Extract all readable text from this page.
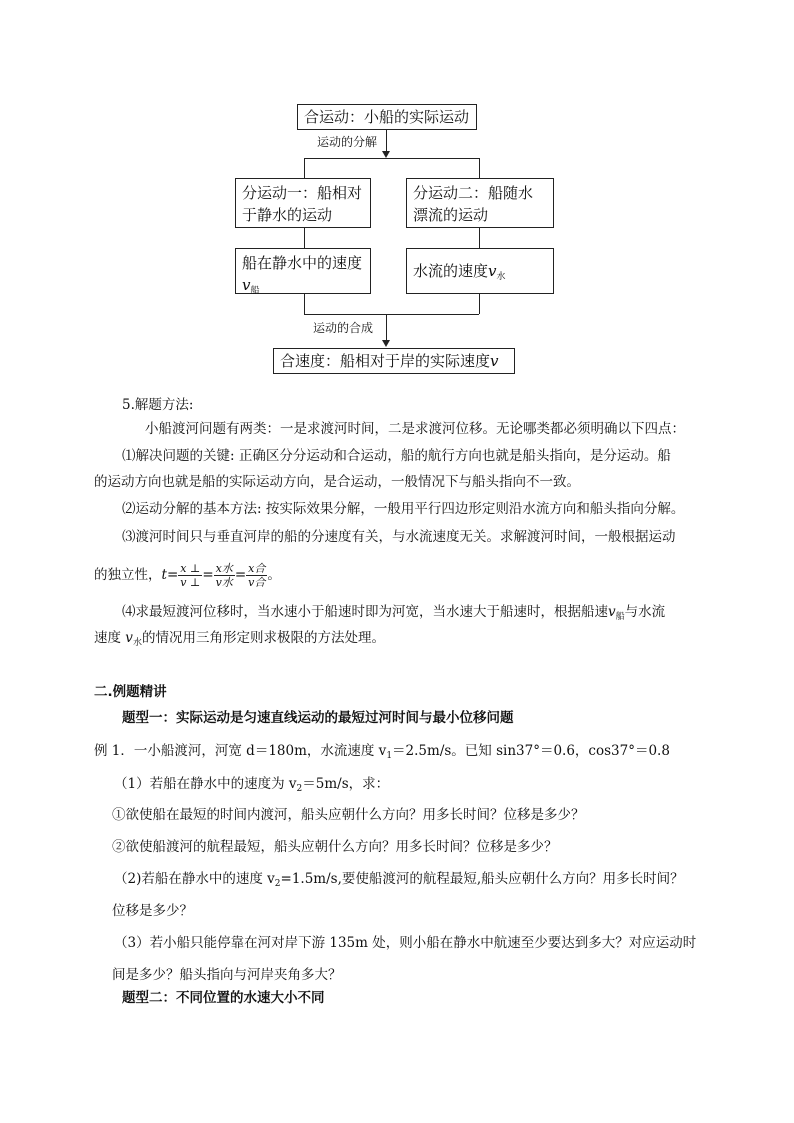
合运动：小船的实际运动
运动的分解
分运动一：船相对于静水的运动
分运动二：船随水漂流的运动
船在静水中的速度$v_船$
水流的速度$v_水$
运动的合成
合速度：船相对于岸的实际速度v
5.解题方法:
小船渡河问题有两类：一是求渡河时间，二是求渡河位移。无论哪类都必须明确以下四点：
⑴解决问题的关键: 正确区分分运动和合运动，船的航行方向也就是船头指向，是分运动。船
的运动方向也就是船的实际运动方向，是合运动，一般情况下与船头指向不一致。
⑵运动分解的基本方法: 按实际效果分解，一般用平行四边形定则沿水流方向和船头指向分解。
⑶渡河时间只与垂直河岸的船的分速度有关，与水流速度无关。求解渡河时间，一般根据运动
的独立性，$t= \frac{x \perp}{v \perp} = \frac{\text{x水}}{\text{v水}} = \frac{\text{x合}}{\text{v合}}$ 。
⑷求最短渡河位移时，当水速小于船速时即为河宽，当水速大于船速时，根据船速$v_船$与水流
速度 $v_水$的情况用三角形定则求极限的方法处理。
二.例题精讲
题型一：实际运动是匀速直线运动的最短过河时间与最小位移问题
例 1．一小船渡河，河宽 d＝180m，水流速度 $v_1=2.5m/s$。已知 sin37°＝0.6，cos37°＝0.8
（1）若船在静水中的速度为 $v_2=5m/s$，求：
①欲使船在最短的时间内渡河，船头应朝什么方向？用多长时间？位移是多少？
②欲使船渡河的航程最短，船头应朝什么方向？用多长时间？位移是多少？
（2)若船在静水中的速度 $v_2=1.5m/s$,要使船渡河的航程最短,船头应朝什么方向？用多长时间？
位移是多少？
（3）若小船只能停靠在河对岸下游 135m 处，则小船在静水中航速至少要达到多大？对应运动时
间是多少？船头指向与河岸夹角多大？
题型二：不同位置的水速大小不同
